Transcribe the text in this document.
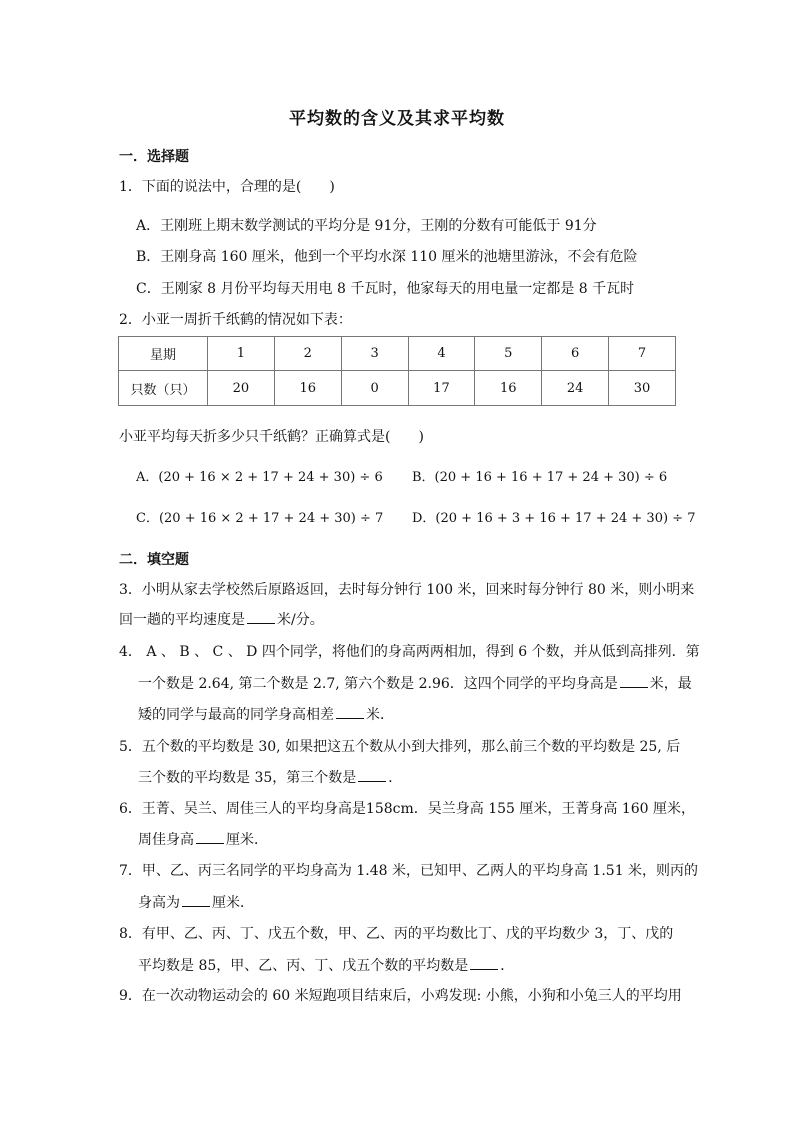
平均数的含义及其求平均数
一．选择题
1．下面的说法中，合理的是(　　)
A．王刚班上期末数学测试的平均分是 91分，王刚的分数有可能低于 91分
B．王刚身高 160 厘米，他到一个平均水深 110 厘米的池塘里游泳，不会有危险
C．王刚家 8 月份平均每天用电 8 千瓦时，他家每天的用电量一定都是 8 千瓦时
2．小亚一周折千纸鹤的情况如下表：
星期	1	2	3	4	5	6	7
只数（只）	20	16	0	17	16	24	30
小亚平均每天折多少只千纸鹤？正确算式是(　　)
A．(20 + 16 × 2 + 17 + 24 + 30) ÷ 6 B．(20 + 16 + 16 + 17 + 24 + 30) ÷ 6
C．(20 + 16 × 2 + 17 + 24 + 30) ÷ 7 D．(20 + 16 + 3 + 16 + 17 + 24 + 30) ÷ 7
二．填空题
3．小明从家去学校然后原路返回，去时每分钟行 100 米，回来时每分钟行 80 米，则小明来
回一趟的平均速度是 米/分。
4． A 、 B 、 C 、 D 四个同学，将他们的身高两两相加，得到 6 个数，并从低到高排列．第
一个数是 2.64, 第二个数是 2.7, 第六个数是 2.96．这四个同学的平均身高是 米，最
矮的同学与最高的同学身高相差 米．
5．五个数的平均数是 30, 如果把这五个数从小到大排列，那么前三个数的平均数是 25, 后
三个数的平均数是 35，第三个数是 ．
6．王菁、吴兰、周佳三人的平均身高是158cm．吴兰身高 155 厘米，王菁身高 160 厘米，
周佳身高 厘米．
7．甲、乙、丙三名同学的平均身高为 1.48 米，已知甲、乙两人的平均身高 1.51 米，则丙的
身高为 厘米．
8．有甲、乙、丙、丁、戊五个数，甲、乙、丙的平均数比丁、戊的平均数少 3，丁、戊的
平均数是 85，甲、乙、丙、丁、戊五个数的平均数是 ．
9．在一次动物运动会的 60 米短跑项目结束后，小鸡发现: 小熊，小狗和小兔三人的平均用
